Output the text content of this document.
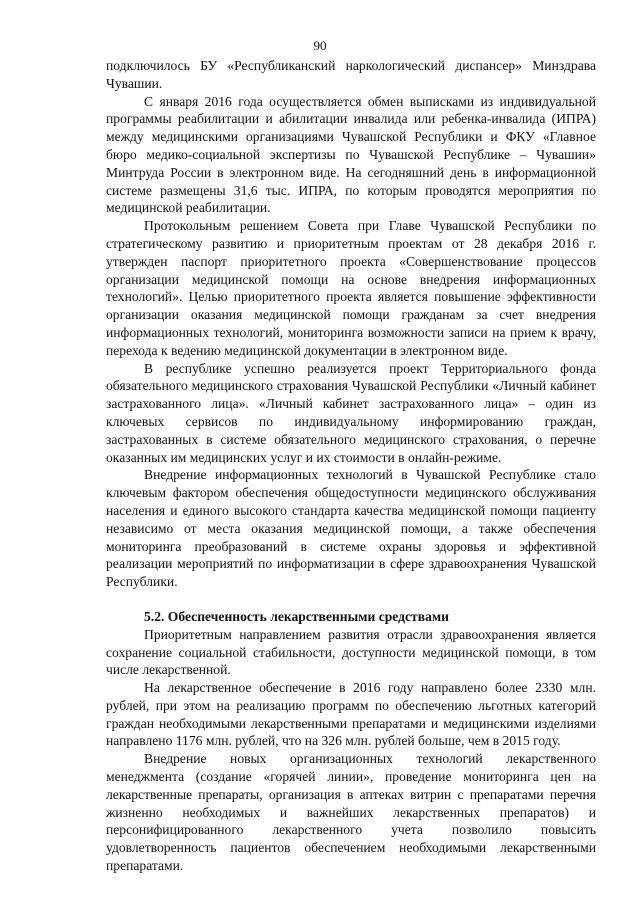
90

подключилось БУ «Республиканский наркологический диспансер» Минздрава Чувашии.

С января 2016 года осуществляется обмен выписками из индивидуальной программы реабилитации и абилитации инвалида или ребенка-инвалида (ИПРА) между медицинскими организациями Чувашской Республики и ФКУ «Главное бюро медико-социальной экспертизы по Чувашской Республике – Чувашии» Минтруда России в электронном виде. На сегодняшний день в информационной системе размещены 31,6 тыс. ИПРА, по которым проводятся мероприятия по медицинской реабилитации.

Протокольным решением Совета при Главе Чувашской Республики по стратегическому развитию и приоритетным проектам от 28 декабря 2016 г. утвержден паспорт приоритетного проекта «Совершенствование процессов организации медицинской помощи на основе внедрения информационных технологий». Целью приоритетного проекта является повышение эффективности организации оказания медицинской помощи гражданам за счет внедрения информационных технологий, мониторинга возможности записи на прием к врачу, перехода к ведению медицинской документации в электронном виде.

В республике успешно реализуется проект Территориального фонда обязательного медицинского страхования Чувашской Республики «Личный кабинет застрахованного лица». «Личный кабинет застрахованного лица» – один из ключевых сервисов по индивидуальному информированию граждан, застрахованных в системе обязательного медицинского страхования, о перечне оказанных им медицинских услуг и их стоимости в онлайн-режиме.

Внедрение информационных технологий в Чувашской Республике стало ключевым фактором обеспечения общедоступности медицинского обслуживания населения и единого высокого стандарта качества медицинской помощи пациенту независимо от места оказания медицинской помощи, а также обеспечения мониторинга преобразований в системе охраны здоровья и эффективной реализации мероприятий по информатизации в сфере здравоохранения Чувашской Республики.

5.2. Обеспеченность лекарственными средствами

Приоритетным направлением развития отрасли здравоохранения является сохранение социальной стабильности, доступности медицинской помощи, в том числе лекарственной.

На лекарственное обеспечение в 2016 году направлено более 2330 млн. рублей, при этом на реализацию программ по обеспечению льготных категорий граждан необходимыми лекарственными препаратами и медицинскими изделиями направлено 1176 млн. рублей, что на 326 млн. рублей больше, чем в 2015 году.

Внедрение новых организационных технологий лекарственного менеджмента (создание «горячей линии», проведение мониторинга цен на лекарственные препараты, организация в аптеках витрин с препаратами перечня жизненно необходимых и важнейших лекарственных препаратов) и персонифицированного лекарственного учета позволило повысить удовлетворенность пациентов обеспечением необходимыми лекарственными препаратами.
